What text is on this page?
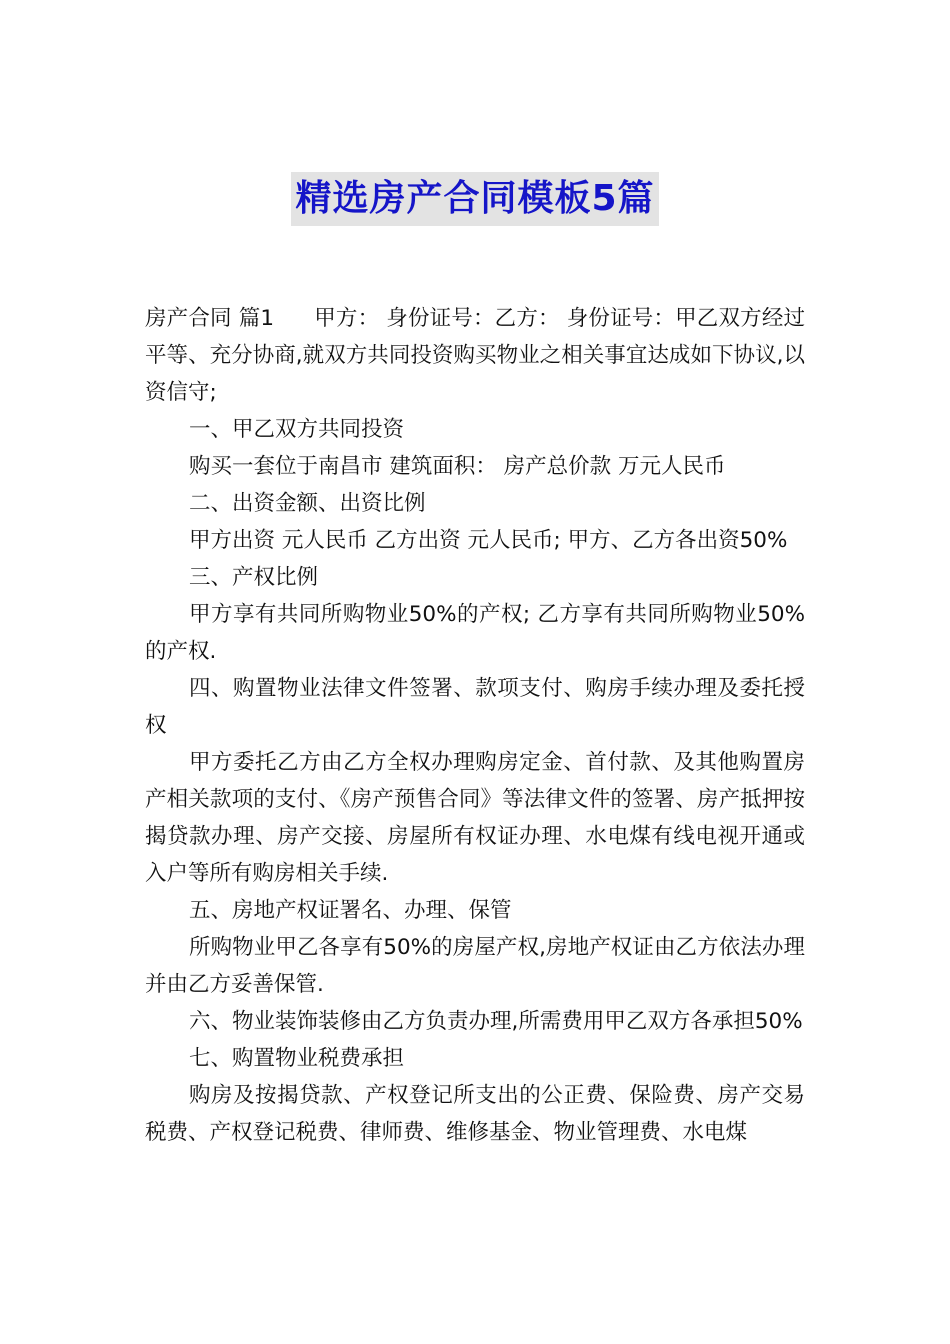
精选房产合同模板5篇

房产合同 篇1 甲方： 身份证号：乙方： 身份证号：甲乙双方经过平等、充分协商,就双方共同投资购买物业之相关事宜达成如下协议,以资信守;

一、甲乙双方共同投资

购买一套位于南昌市 建筑面积： 房产总价款 万元人民币

二、出资金额、出资比例

甲方出资 元人民币 乙方出资 元人民币; 甲方、乙方各出资50%

三、产权比例

甲方享有共同所购物业50%的产权; 乙方享有共同所购物业50%的产权.

四、购置物业法律文件签署、款项支付、购房手续办理及委托授权

甲方委托乙方由乙方全权办理购房定金、首付款、及其他购置房产相关款项的支付、《房产预售合同》等法律文件的签署、房产抵押按揭贷款办理、房产交接、房屋所有权证办理、水电煤有线电视开通或入户等所有购房相关手续.

五、房地产权证署名、办理、保管

所购物业甲乙各享有50%的房屋产权,房地产权证由乙方依法办理并由乙方妥善保管.

六、物业装饰装修由乙方负责办理,所需费用甲乙双方各承担50%

七、购置物业税费承担

购房及按揭贷款、产权登记所支出的公正费、保险费、房产交易税费、产权登记税费、律师费、维修基金、物业管理费、水电煤
